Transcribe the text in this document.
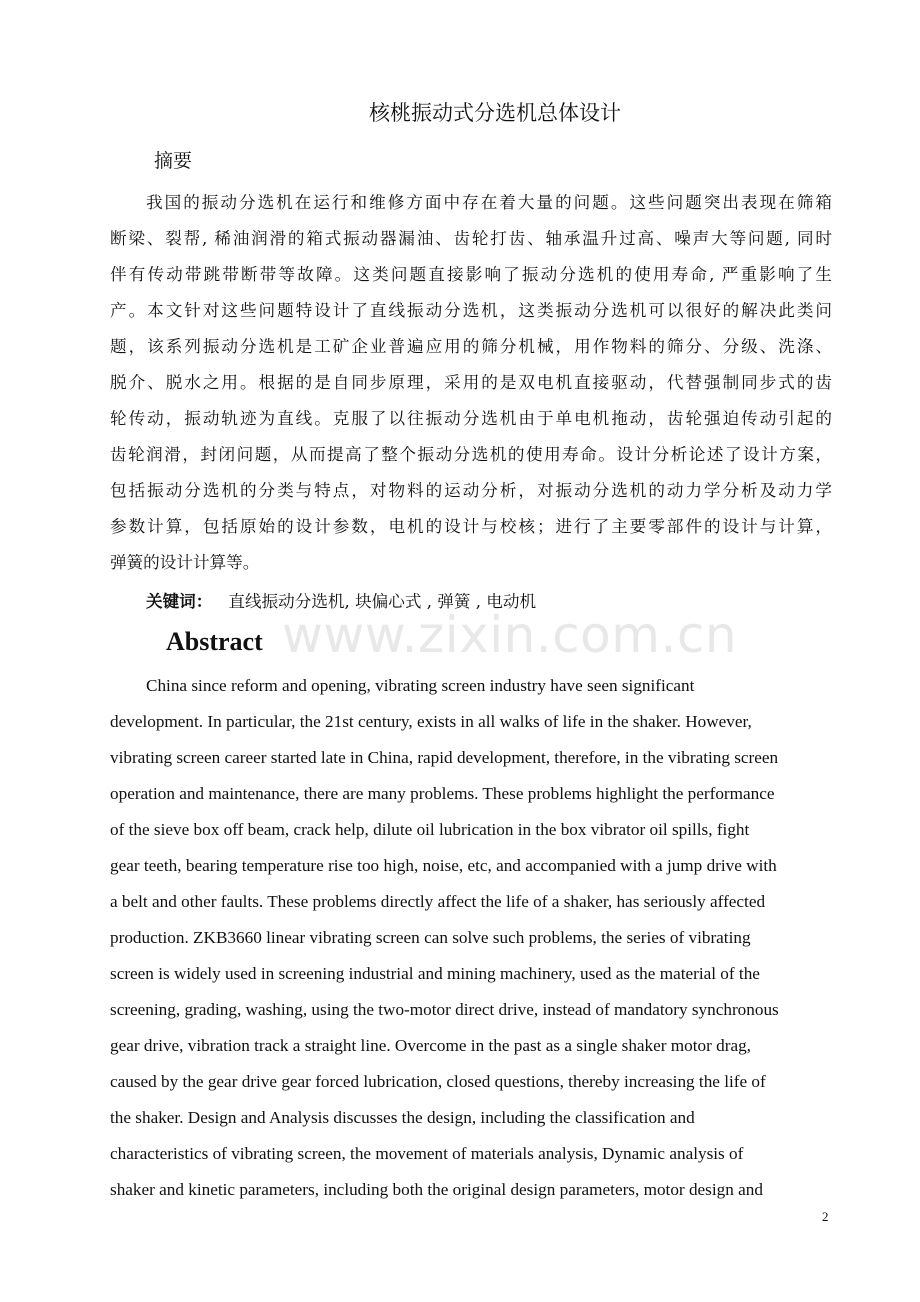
www.zixin.com.cn
核桃振动式分选机总体设计
摘要
我国的振动分选机在运行和维修方面中存在着大量的问题。这些问题突出表现在筛箱
断梁、裂帮, 稀油润滑的箱式振动器漏油、齿轮打齿、轴承温升过高、噪声大等问题, 同时
伴有传动带跳带断带等故障。这类问题直接影响了振动分选机的使用寿命, 严重影响了生
产。本文针对这些问题特设计了直线振动分选机，这类振动分选机可以很好的解决此类问
题，该系列振动分选机是工矿企业普遍应用的筛分机械，用作物料的筛分、分级、洗涤、
脱介、脱水之用。根据的是自同步原理，采用的是双电机直接驱动，代替强制同步式的齿
轮传动，振动轨迹为直线。克服了以往振动分选机由于单电机拖动，齿轮强迫传动引起的
齿轮润滑，封闭问题，从而提高了整个振动分选机的使用寿命。设计分析论述了设计方案，
包括振动分选机的分类与特点，对物料的运动分析，对振动分选机的动力学分析及动力学
参数计算，包括原始的设计参数，电机的设计与校核；进行了主要零部件的设计与计算，
弹簧的设计计算等。
关键词： 直线振动分选机, 块偏心式 , 弹簧 , 电动机
Abstract
China since reform and opening, vibrating screen industry have seen significant
development. In particular, the 21st century, exists in all walks of life in the shaker. However,
vibrating screen career started late in China, rapid development, therefore, in the vibrating screen
operation and maintenance, there are many problems. These problems highlight the performance
of the sieve box off beam, crack help, dilute oil lubrication in the box vibrator oil spills, fight
gear teeth, bearing temperature rise too high, noise, etc, and accompanied with a jump drive with
a belt and other faults. These problems directly affect the life of a shaker, has seriously affected
production. ZKB3660 linear vibrating screen can solve such problems, the series of vibrating
screen is widely used in screening industrial and mining machinery, used as the material of the
screening, grading, washing, using the two-motor direct drive, instead of mandatory synchronous
gear drive, vibration track a straight line. Overcome in the past as a single shaker motor drag,
caused by the gear drive gear forced lubrication, closed questions, thereby increasing the life of
the shaker. Design and Analysis discusses the design, including the classification and
characteristics of vibrating screen, the movement of materials analysis, Dynamic analysis of
shaker and kinetic parameters, including both the original design parameters, motor design and
2
